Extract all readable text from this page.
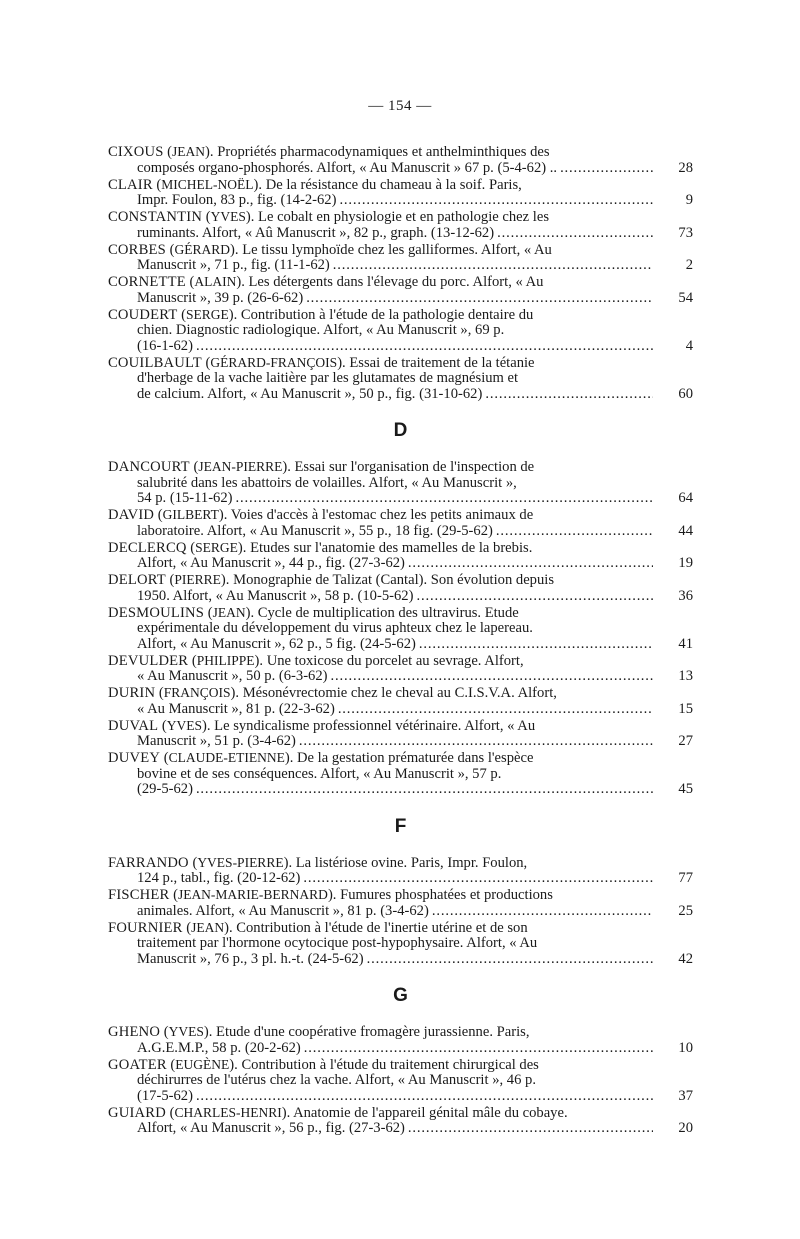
— 154 —
CIXOUS (JEAN). Propriétés pharmacodynamiques et anthelminthiques des
composés organo-phosphorés. Alfort, « Au Manuscrit » 67 p. (5-4-62) .. . . .	28
CLAIR (MICHEL-NOËL). De la résistance du chameau à la soif. Paris,
Impr. Foulon, 83 p., fig. (14-2-62) . . .	9
CONSTANTIN (YVES). Le cobalt en physiologie et en pathologie chez les
ruminants. Alfort, « Aû Manuscrit », 82 p., graph. (13-12-62) . . .	73
CORBES (GÉRARD). Le tissu lymphoïde chez les galliformes. Alfort, « Au
Manuscrit », 71 p., fig. (11-1-62) . . .	2
CORNETTE (ALAIN). Les détergents dans l'élevage du porc. Alfort, « Au
Manuscrit », 39 p. (26-6-62) . . .	54
COUDERT (SERGE). Contribution à l'étude de la pathologie dentaire du
chien. Diagnostic radiologique. Alfort, « Au Manuscrit », 69 p.
(16-1-62) . . .	4
COUILBAULT (GÉRARD-FRANÇOIS). Essai de traitement de la tétanie
d'herbage de la vache laitière par les glutamates de magnésium et
de calcium. Alfort, « Au Manuscrit », 50 p., fig. (31-10-62) . . .	60
D
DANCOURT (JEAN-PIERRE). Essai sur l'organisation de l'inspection de
salubrité dans les abattoirs de volailles. Alfort, « Au Manuscrit »,
54 p. (15-11-62) . . .	64
DAVID (GILBERT). Voies d'accès à l'estomac chez les petits animaux de
laboratoire. Alfort, « Au Manuscrit », 55 p., 18 fig. (29-5-62) . . .	44
DECLERCQ (SERGE). Etudes sur l'anatomie des mamelles de la brebis.
Alfort, « Au Manuscrit », 44 p., fig. (27-3-62) . . .	19
DELORT (PIERRE). Monographie de Talizat (Cantal). Son évolution depuis
1950. Alfort, « Au Manuscrit », 58 p. (10-5-62) . . .	36
DESMOULINS (JEAN). Cycle de multiplication des ultravirus. Etude
expérimentale du développement du virus aphteux chez le lapereau.
Alfort, « Au Manuscrit », 62 p., 5 fig. (24-5-62) . . .	41
DEVULDER (PHILIPPE). Une toxicose du porcelet au sevrage. Alfort,
« Au Manuscrit », 50 p. (6-3-62) . . .	13
DURIN (FRANÇOIS). Mésonévrectomie chez le cheval au C.I.S.V.A. Alfort,
« Au Manuscrit », 81 p. (22-3-62) . . .	15
DUVAL (YVES). Le syndicalisme professionnel vétérinaire. Alfort, « Au
Manuscrit », 51 p. (3-4-62) . . .	27
DUVEY (CLAUDE-ETIENNE). De la gestation prématurée dans l'espèce
bovine et de ses conséquences. Alfort, « Au Manuscrit », 57 p.
(29-5-62) . . .	45
F
FARRANDO (YVES-PIERRE). La listériose ovine. Paris, Impr. Foulon,
124 p., tabl., fig. (20-12-62) . . .	77
FISCHER (JEAN-MARIE-BERNARD). Fumures phosphatées et productions
animales. Alfort, « Au Manuscrit », 81 p. (3-4-62) . . .	25
FOURNIER (JEAN). Contribution à l'étude de l'inertie utérine et de son
traitement par l'hormone ocytocique post-hypophysaire. Alfort, « Au
Manuscrit », 76 p., 3 pl. h.-t. (24-5-62) . . .	42
G
GHENO (YVES). Etude d'une coopérative fromagère jurassienne. Paris,
A.G.E.M.P., 58 p. (20-2-62) . . .	10
GOATER (EUGÈNE). Contribution à l'étude du traitement chirurgical des
déchirurres de l'utérus chez la vache. Alfort, « Au Manuscrit », 46 p.
(17-5-62) . . .	37
GUIARD (CHARLES-HENRI). Anatomie de l'appareil génital mâle du cobaye.
Alfort, « Au Manuscrit », 56 p., fig. (27-3-62) . . .	20
